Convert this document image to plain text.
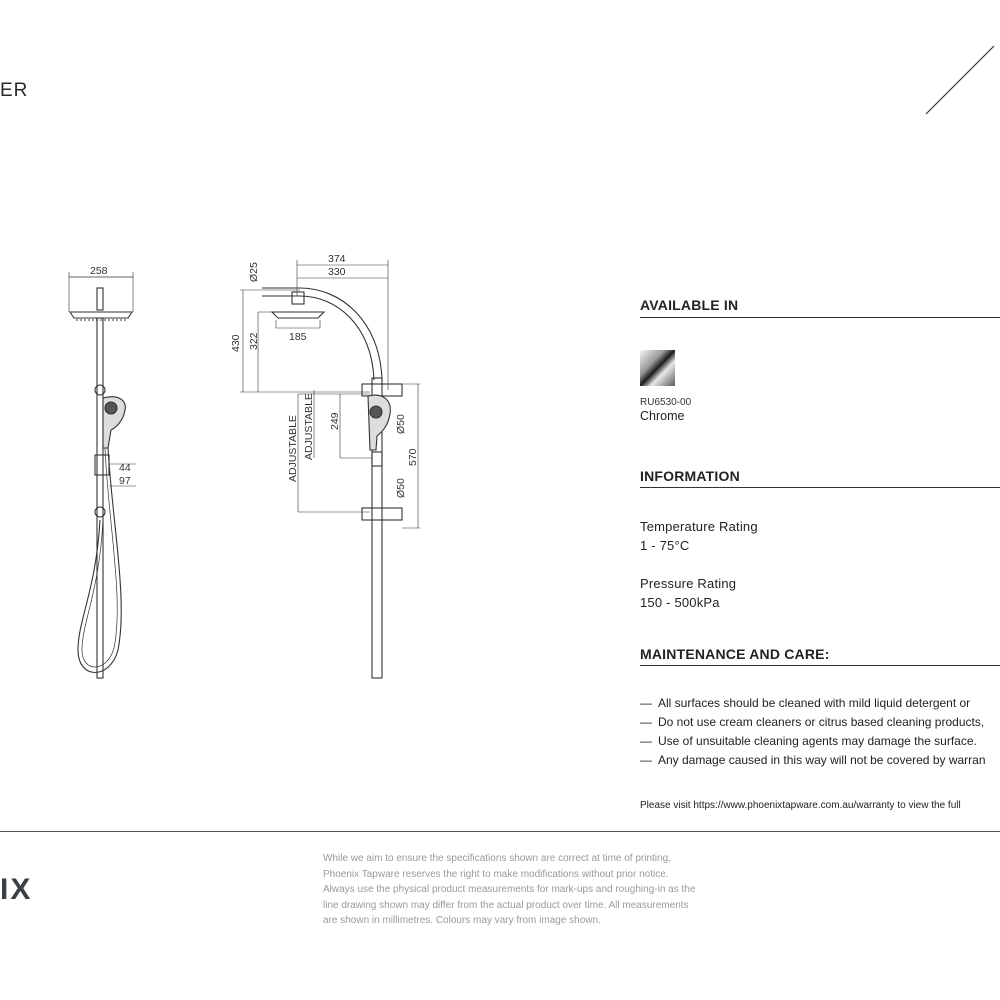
ER
258
44
97
374
330
185
Ø25
430 322
ADJUSTABLE ADJUSTABLE 249	Ø50
570
Ø50
AVAILABLE IN
RU6530-00
Chrome
INFORMATION
Temperature Rating
1 - 75°C
Pressure Rating
150 - 500kPa
MAINTENANCE AND CARE:
— All surfaces should be cleaned with mild liquid detergent or
— Do not use cream cleaners or citrus based cleaning products,
— Use of unsuitable cleaning agents may damage the surface.
— Any damage caused in this way will not be covered by warran
Please visit https://www.phoenixtapware.com.au/warranty to view the full
IX
While we aim to ensure the specifications shown are correct at time of printing,
Phoenix Tapware reserves the right to make modifications without prior notice.
Always use the physical product measurements for mark-ups and roughing-in as the
line drawing shown may differ from the actual product over time. All measurements
are shown in millimetres. Colours may vary from image shown.
